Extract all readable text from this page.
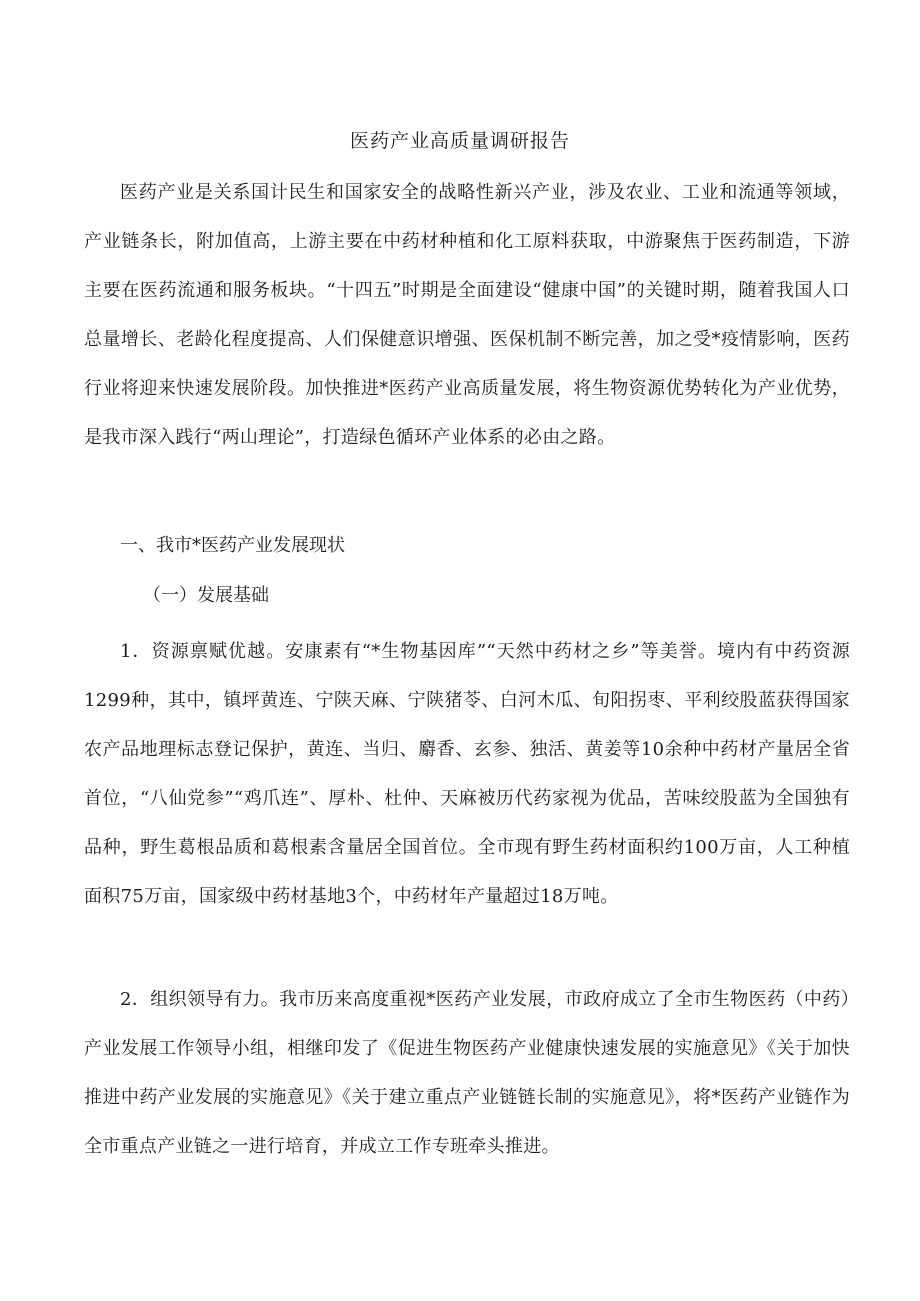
医药产业高质量调研报告

医药产业是关系国计民生和国家安全的战略性新兴产业，涉及农业、工业和流通等领域，产业链条长，附加值高，上游主要在中药材种植和化工原料获取，中游聚焦于医药制造，下游主要在医药流通和服务板块。“十四五”时期是全面建设“健康中国”的关键时期，随着我国人口总量增长、老龄化程度提高、人们保健意识增强、医保机制不断完善，加之受*疫情影响，医药行业将迎来快速发展阶段。加快推进*医药产业高质量发展，将生物资源优势转化为产业优势，是我市深入践行“两山理论”，打造绿色循环产业体系的必由之路。

一、我市*医药产业发展现状

（一）发展基础

1．资源禀赋优越。安康素有“*生物基因库”“天然中药材之乡”等美誉。境内有中药资源1299种，其中，镇坪黄连、宁陕天麻、宁陕猪苓、白河木瓜、旬阳拐枣、平利绞股蓝获得国家农产品地理标志登记保护，黄连、当归、麝香、玄参、独活、黄姜等10余种中药材产量居全省首位，“八仙党参”“鸡爪连”、厚朴、杜仲、天麻被历代药家视为优品，苦味绞股蓝为全国独有品种，野生葛根品质和葛根素含量居全国首位。全市现有野生药材面积约100万亩，人工种植面积75万亩，国家级中药材基地3个，中药材年产量超过18万吨。

2．组织领导有力。我市历来高度重视*医药产业发展，市政府成立了全市生物医药（中药）产业发展工作领导小组，相继印发了《促进生物医药产业健康快速发展的实施意见》《关于加快推进中药产业发展的实施意见》《关于建立重点产业链链长制的实施意见》，将*医药产业链作为全市重点产业链之一进行培育，并成立工作专班牵头推进。
